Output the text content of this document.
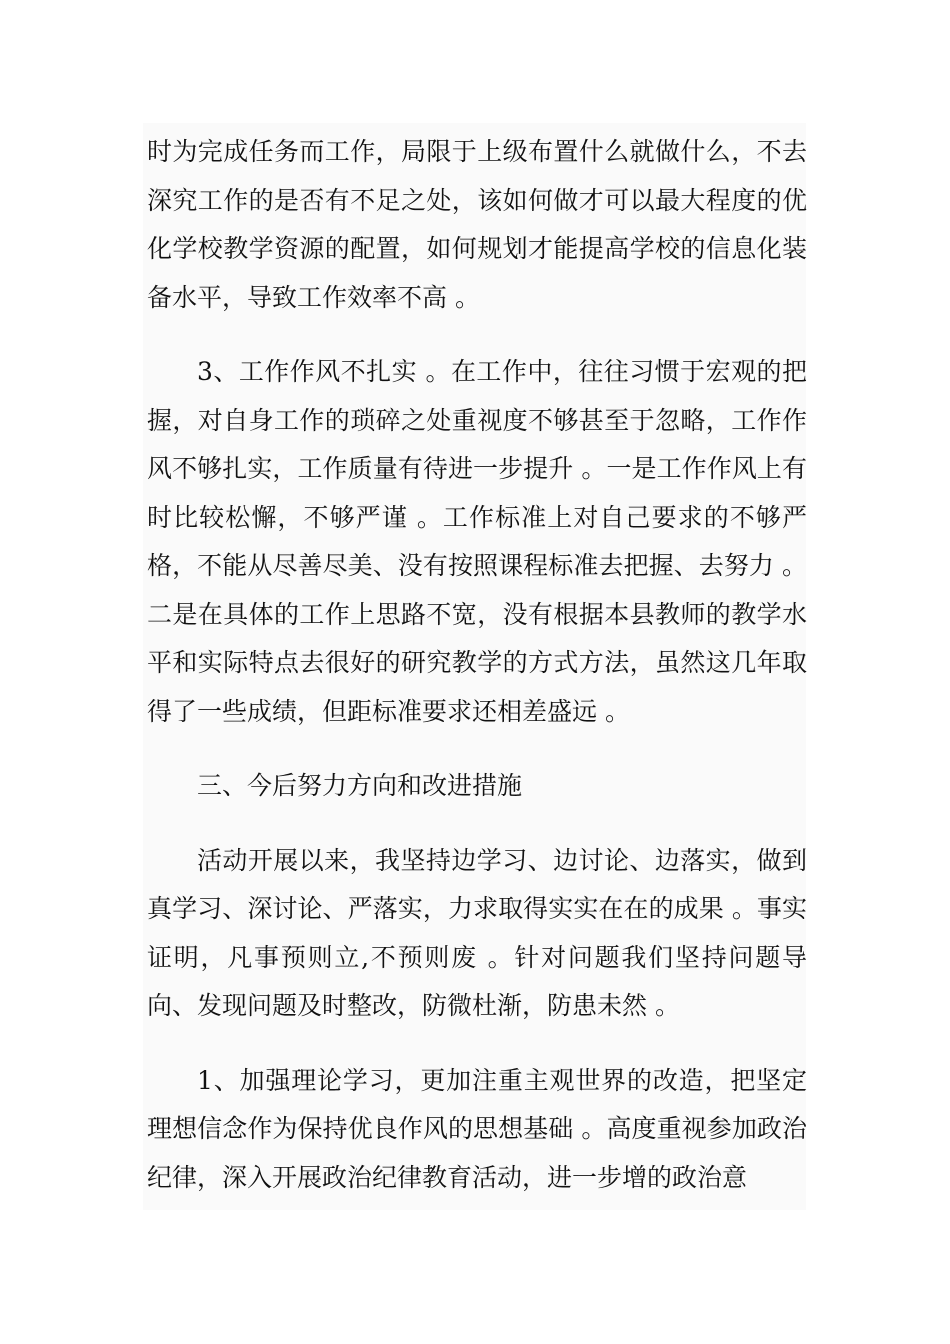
时为完成任务而工作，局限于上级布置什么就做什么，不去深究工作的是否有不足之处，该如何做才可以最大程度的优化学校教学资源的配置，如何规划才能提高学校的信息化装备水平，导致工作效率不高 。

3、工作作风不扎实 。在工作中，往往习惯于宏观的把握，对自身工作的琐碎之处重视度不够甚至于忽略，工作作风不够扎实，工作质量有待进一步提升 。一是工作作风上有时比较松懈，不够严谨 。工作标准上对自己要求的不够严格，不能从尽善尽美、没有按照课程标准去把握、去努力 。二是在具体的工作上思路不宽，没有根据本县教师的教学水平和实际特点去很好的研究教学的方式方法，虽然这几年取得了一些成绩，但距标准要求还相差盛远 。

三、今后努力方向和改进措施

活动开展以来，我坚持边学习、边讨论、边落实，做到真学习、深讨论、严落实，力求取得实实在在的成果 。事实证明，凡事预则立,不预则废 。针对问题我们坚持问题导向、发现问题及时整改，防微杜渐，防患未然 。

1、加强理论学习，更加注重主观世界的改造，把坚定理想信念作为保持优良作风的思想基础 。高度重视参加政治纪律，深入开展政治纪律教育活动，进一步增的政治意
